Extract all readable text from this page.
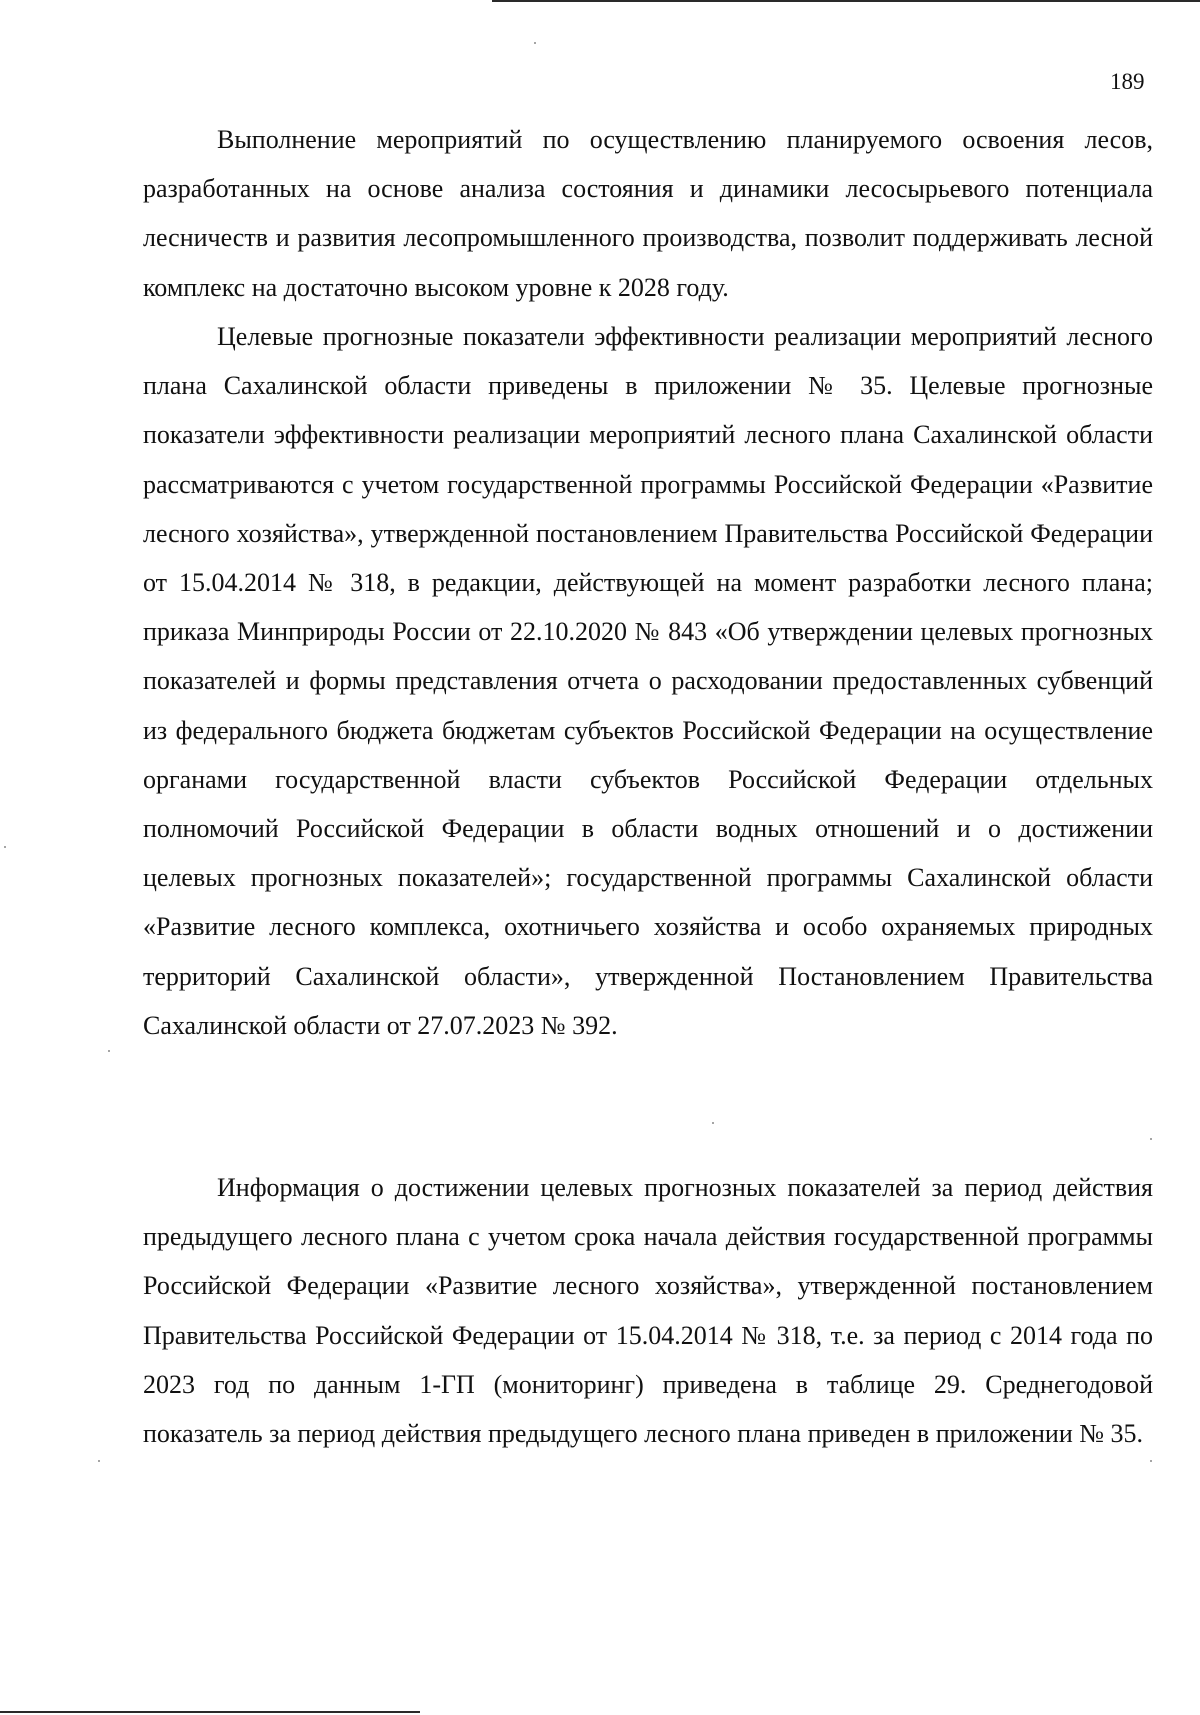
189

Выполнение мероприятий по осуществлению планируемого освоения лесов, разработанных на основе анализа состояния и динамики лесосырьевого потенциала лесничеств и развития лесопромышленного производства, позволит поддерживать лесной комплекс на достаточно высоком уровне к 2028 году.

Целевые прогнозные показатели эффективности реализации мероприятий лесного плана Сахалинской области приведены в приложении № 35. Целевые прогнозные показатели эффективности реализации мероприятий лесного плана Сахалинской области рассматриваются с учетом государственной программы Российской Федерации «Развитие лесного хозяйства», утвержденной постановлением Правительства Российской Федерации от 15.04.2014 № 318, в редакции, действующей на момент разработки лесного плана; приказа Минприроды России от 22.10.2020 № 843 «Об утверждении целевых прогнозных показателей и формы представления отчета о расходовании предоставленных субвенций из федерального бюджета бюджетам субъектов Российской Федерации на осуществление органами государственной власти субъектов Российской Федерации отдельных полномочий Российской Федерации в области водных отношений и о достижении целевых прогнозных показателей»; государственной программы Сахалинской области «Развитие лесного комплекса, охотничьего хозяйства и особо охраняемых природных территорий Сахалинской области», утвержденной Постановлением Правительства Сахалинской области от 27.07.2023 № 392.

Информация о достижении целевых прогнозных показателей за период действия предыдущего лесного плана с учетом срока начала действия государственной программы Российской Федерации «Развитие лесного хозяйства», утвержденной постановлением Правительства Российской Федерации от 15.04.2014 № 318, т.е. за период с 2014 года по 2023 год по данным 1-ГП (мониторинг) приведена в таблице 29. Среднегодовой показатель за период действия предыдущего лесного плана приведен в приложении № 35.
